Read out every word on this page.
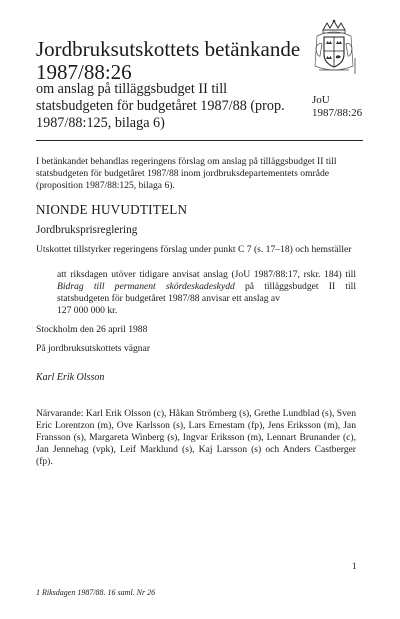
Jordbruksutskottets betänkande 1987/88:26
om anslag på tilläggsbudget II till statsbudgeten för budgetåret 1987/88 (prop. 1987/88:125, bilaga 6)
JoU 1987/88:26
I betänkandet behandlas regeringens förslag om anslag på tilläggsbudget II till statsbudgeten för budgetåret 1987/88 inom jordbruksdepartementets område (proposition 1987/88:125, bilaga 6).
NIONDE HUVUDTITELN
Jordbruksprisreglering
Utskottet tillstyrker regeringens förslag under punkt C 7 (s. 17–18) och hemställer
att riksdagen utöver tidigare anvisat anslag (JoU 1987/88:17, rskr. 184) till Bidrag till permanent skördeskadeskydd på tilläggsbudget II till statsbudgeten för budgetåret 1987/88 anvisar ett anslag av
127 000 000 kr.
Stockholm den 26 april 1988
På jordbruksutskottets vägnar
Karl Erik Olsson
Närvarande: Karl Erik Olsson (c), Håkan Strömberg (s), Grethe Lundblad (s), Sven Eric Lorentzon (m), Ove Karlsson (s), Lars Ernestam (fp), Jens Eriksson (m), Jan Fransson (s), Margareta Winberg (s), Ingvar Eriksson (m), Lennart Brunander (c), Jan Jennehag (vpk), Leif Marklund (s), Kaj Larsson (s) och Anders Castberger (fp).
1
1 Riksdagen 1987/88. 16 saml. Nr 26
